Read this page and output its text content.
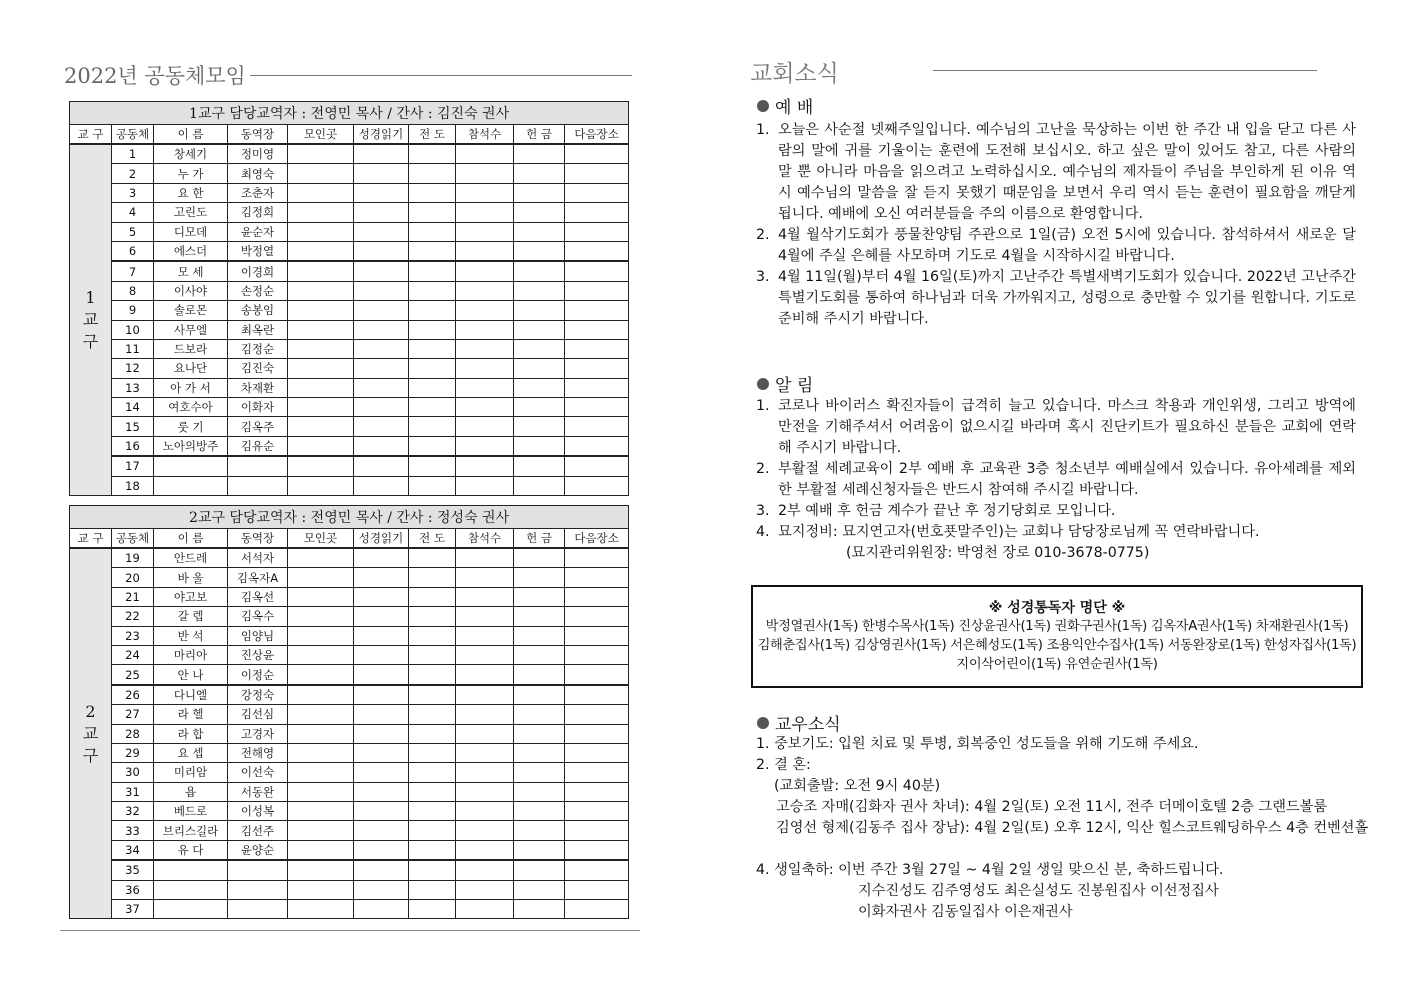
2022년 공동체모임
1교구 담당교역자 : 전영민 목사 / 간사 : 김진숙 권사									
교 구	공동체	이 름	동역장	모인곳	성경읽기	전 도	참석수	헌 금	다음장소
1교구	1	창세기	정미영						
	2	누 가	최영숙						
	3	요 한	조춘자						
	4	고린도	김정희						
	5	디모데	윤순자						
	6	에스더	박정열						
	7	모 세	이경희						
	8	이사야	손정순						
	9	솔로몬	송봉임						
	10	사무엘	최옥란						
	11	드보라	김정순						
	12	요나단	김진숙						
	13	아 가 서	차재환						
	14	여호수아	이화자						
	15	룻 기	김옥주						
	16	노아의방주	김유순						
	17								
	18								
2교구 담당교역자 : 전영민 목사 / 간사 : 정성숙 권사									
교 구	공동체	이 름	동역장	모인곳	성경읽기	전 도	참석수	헌 금	다음장소
2교구	19	안드레	서석자						
	20	바 울	김옥자A						
	21	야고보	김옥선						
	22	갈 렙	김옥수						
	23	반 석	임양님						
	24	마리아	진상윤						
	25	안 나	이정순						
	26	다니엘	강정숙						
	27	라 헬	김선심						
	28	라 합	고경자						
	29	요 셉	전해영						
	30	미리암	이선숙						
	31	욥	서동완						
	32	베드로	이성복						
	33	브리스길라	김선주						
	34	유 다	윤양순						
	35								
	36								
	37								
교회소식
예 배
1. 오늘은 사순절 넷째주일입니다. 예수님의 고난을 묵상하는 이번 한 주간 내 입을 닫고 다른 사람의 말에 귀를 기울이는 훈련에 도전해 보십시오. 하고 싶은 말이 있어도 참고, 다른 사람의 말 뿐 아니라 마음을 읽으려고 노력하십시오. 예수님의 제자들이 주님을 부인하게 된 이유 역시 예수님의 말씀을 잘 듣지 못했기 때문임을 보면서 우리 역시 듣는 훈련이 필요함을 깨닫게 됩니다. 예배에 오신 여러분들을 주의 이름으로 환영합니다.
2. 4월 월삭기도회가 풍물찬양팀 주관으로 1일(금) 오전 5시에 있습니다. 참석하셔서 새로운 달 4월에 주실 은혜를 사모하며 기도로 4월을 시작하시길 바랍니다.
3. 4월 11일(월)부터 4월 16일(토)까지 고난주간 특별새벽기도회가 있습니다. 2022년 고난주간 특별기도회를 통하여 하나님과 더욱 가까워지고, 성령으로 충만할 수 있기를 원합니다. 기도로 준비해 주시기 바랍니다.
알 림
1. 코로나 바이러스 확진자들이 급격히 늘고 있습니다. 마스크 착용과 개인위생, 그리고 방역에 만전을 기해주셔서 어려움이 없으시길 바라며 혹시 진단키트가 필요하신 분들은 교회에 연락해 주시기 바랍니다.
2. 부활절 세례교육이 2부 예배 후 교육관 3층 청소년부 예배실에서 있습니다. 유아세례를 제외한 부활절 세례신청자들은 반드시 참여해 주시길 바랍니다.
3. 2부 예배 후 헌금 계수가 끝난 후 정기당회로 모입니다.
4. 묘지정비: 묘지연고자(번호푯말주인)는 교회나 담당장로님께 꼭 연락바랍니다.
(묘지관리위원장: 박영천 장로 010-3678-0775)
※ 성경통독자 명단 ※
박정열권사(1독) 한병수목사(1독) 진상윤권사(1독) 권화구권사(1독) 김옥자A권사(1독) 차재환권사(1독)
김해춘집사(1독) 김상영권사(1독) 서은혜성도(1독) 조용익안수집사(1독) 서동완장로(1독) 한성자집사(1독)
지이삭어린이(1독) 유연순권사(1독)
교우소식
1. 중보기도: 입원 치료 및 투병, 회복중인 성도들을 위해 기도해 주세요.
2. 결 혼:
(교회출발: 오전 9시 40분)
고승조 자매(김화자 권사 차녀): 4월 2일(토) 오전 11시, 전주 더메이호텔 2층 그랜드볼룸
김영선 형제(김동주 집사 장남): 4월 2일(토) 오후 12시, 익산 힐스코트웨딩하우스 4층 컨벤션홀
4. 생일축하: 이번 주간 3월 27일 ~ 4월 2일 생일 맞으신 분, 축하드립니다.
지수진성도 김주영성도 최은실성도 진봉원집사 이선정집사
이화자권사 김동일집사 이은재권사
